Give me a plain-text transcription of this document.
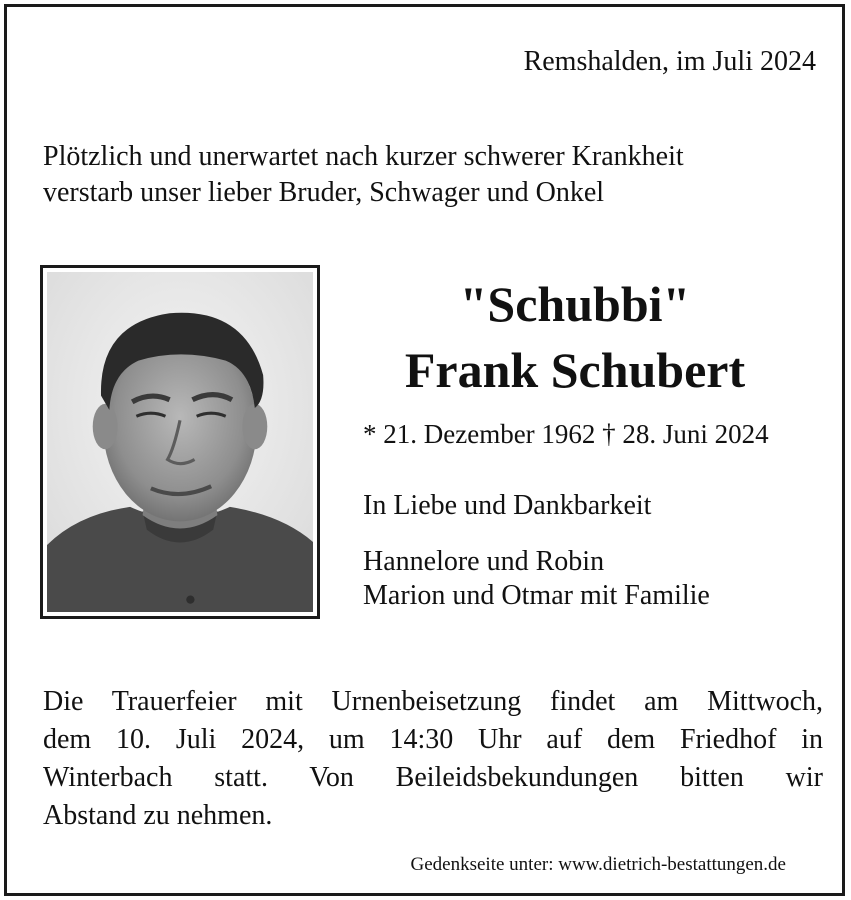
Remshalden, im Juli 2024
Plötzlich und unerwartet nach kurzer schwerer Krankheit
verstarb unser lieber Bruder, Schwager und Onkel
"Schubbi"
Frank Schubert
* 21. Dezember 1962 † 28. Juni 2024
In Liebe und Dankbarkeit
Hannelore und Robin
Marion und Otmar mit Familie
Die Trauerfeier mit Urnenbeisetzung findet am Mittwoch,
dem 10. Juli 2024, um 14:30 Uhr auf dem Friedhof in
Winterbach statt. Von Beileidsbekundungen bitten wir
Abstand zu nehmen.
Gedenkseite unter: www.dietrich-bestattungen.de
